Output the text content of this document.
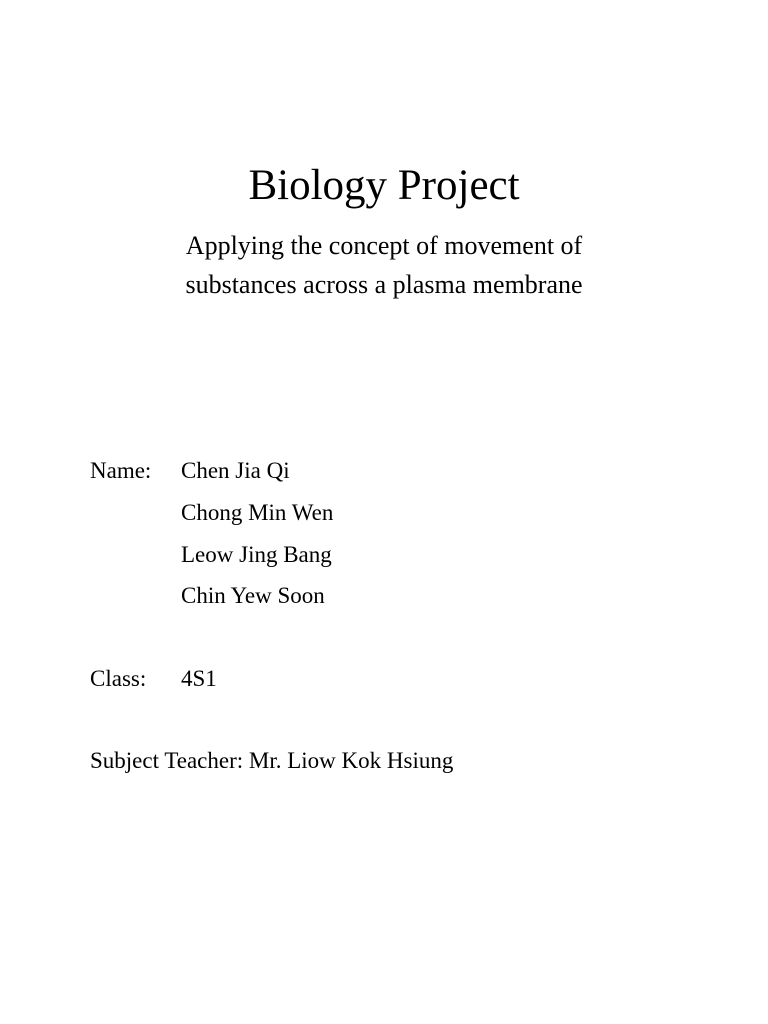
Biology Project
Applying the concept of movement of
substances across a plasma membrane
Name: Chen Jia Qi
Chong Min Wen
Leow Jing Bang
Chin Yew Soon
Class: 4S1
Subject Teacher: Mr. Liow Kok Hsiung
